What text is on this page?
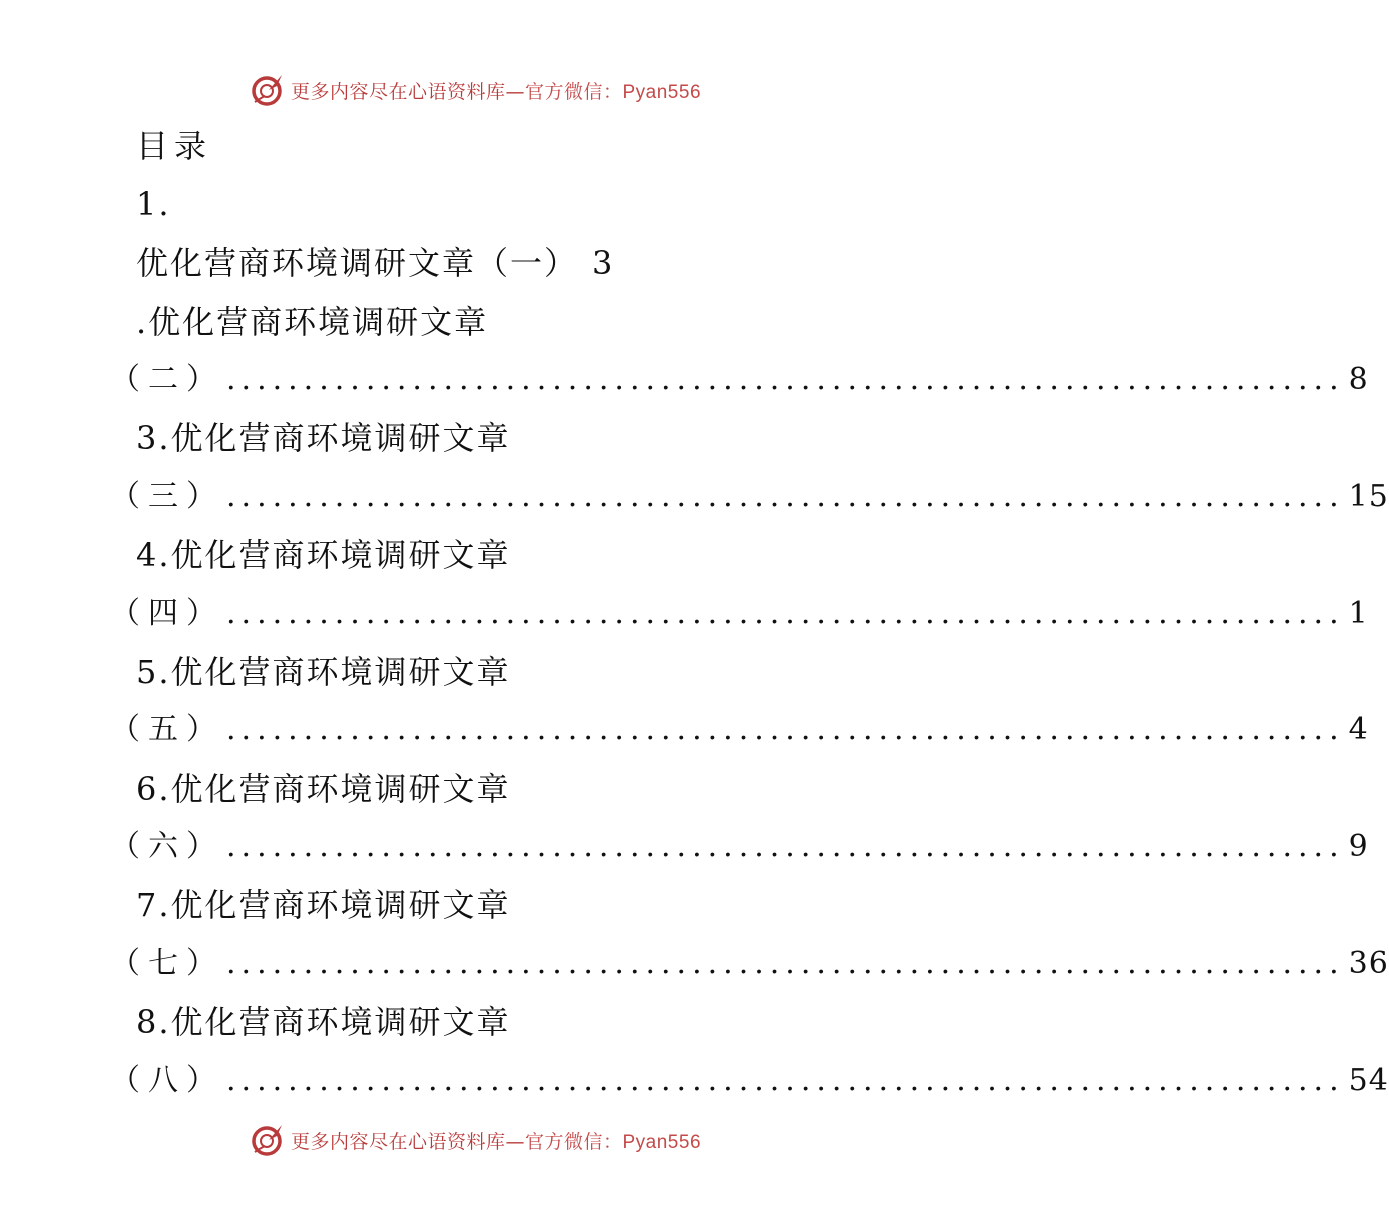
更多内容尽在心语资料库—官方微信：Pyan556
目录
1.
优化营商环境调研文章（一） 3
.优化营商环境调研文章
（二） ........................................................................ 8
3.优化营商环境调研文章
（三） ........................................................................ 15
4.优化营商环境调研文章
（四） ........................................................................ 1
5.优化营商环境调研文章
（五） ........................................................................ 4
6.优化营商环境调研文章
（六） ........................................................................ 9
7.优化营商环境调研文章
（七） ........................................................................ 36
8.优化营商环境调研文章
（八） ........................................................................ 54
更多内容尽在心语资料库—官方微信：Pyan556
